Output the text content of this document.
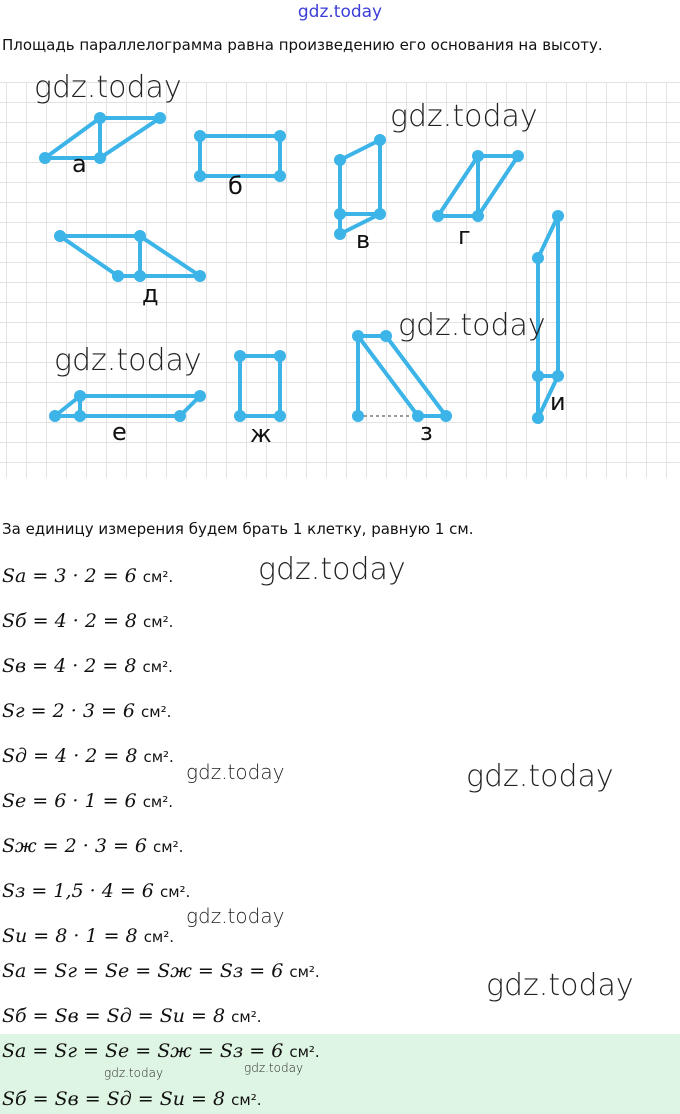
gdz.today
Площадь параллелограмма равна произведению его основания на высоту.
а
б
в	г
д
е	ж	з
и
gdz.today
gdz.today
gdz.today
gdz.today
gdz.today
gdz.today	gdz.today
gdz.today
gdz.today
За единицу измерения будем брать 1 клетку, равную 1 см.
Sа = 3 · 2 = 6 см².
Sб = 4 · 2 = 8 см².
Sв = 4 · 2 = 8 см².
Sг = 2 · 3 = 6 см².
Sд = 4 · 2 = 8 см².
Sе = 6 · 1 = 6 см².
Sж = 2 · 3 = 6 см².
Sз = 1,5 · 4 = 6 см².
Sи = 8 · 1 = 8 см².
Sа = Sг = Sе = Sж = Sз = 6 см².
Sб = Sв = Sд = Sи = 8 см².
Sа = Sг = Sе = Sж = Sз = 6 см².
Sб = Sв = Sд = Sи = 8 см².
gdz.today	gdz.today
